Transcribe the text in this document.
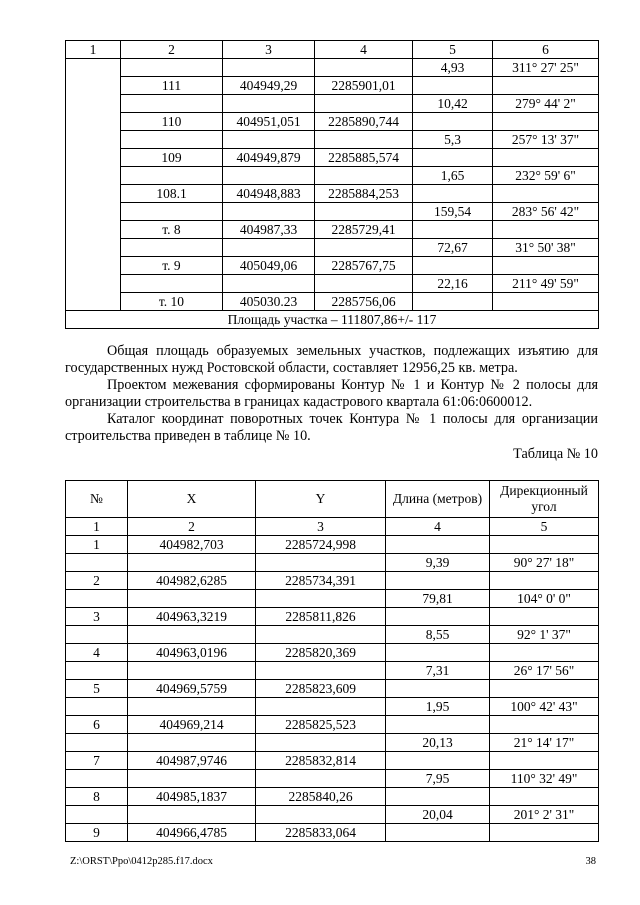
1	2	3	4	5	6
				4,93	311° 27' 25"
	111	404949,29	2285901,01		
				10,42	279° 44' 2"
	110	404951,051	2285890,744		
				5,3	257° 13' 37"
	109	404949,879	2285885,574		
				1,65	232° 59' 6"
	108.1	404948,883	2285884,253		
				159,54	283° 56' 42"
	т. 8	404987,33	2285729,41		
				72,67	31° 50' 38"
	т. 9	405049,06	2285767,75		
				22,16	211° 49' 59"
	т. 10	405030.23	2285756,06		
Площадь участка – 111807,86+/- 117					

Общая площадь образуемых земельных участков, подлежащих изъятию для государственных нужд Ростовской области, составляет 12956,25 кв. метра.

Проектом межевания сформированы Контур № 1 и Контур № 2 полосы для организации строительства в границах кадастрового квартала 61:06:0600012.

Каталог координат поворотных точек Контура № 1 полосы для организации строительства приведен в таблице № 10.

Таблица № 10
№	X	Y	Длина (метров)	Дирекционный угол
1	2	3	4	5
1	404982,703	2285724,998		
			9,39	90° 27' 18"
2	404982,6285	2285734,391		
			79,81	104° 0' 0"
3	404963,3219	2285811,826		
			8,55	92° 1' 37"
4	404963,0196	2285820,369		
			7,31	26° 17' 56"
5	404969,5759	2285823,609		
			1,95	100° 42' 43"
6	404969,214	2285825,523		
			20,13	21° 14' 17"
7	404987,9746	2285832,814		
			7,95	110° 32' 49"
8	404985,1837	2285840,26		
			20,04	201° 2' 31"
9	404966,4785	2285833,064		
Z:\ORST\Ppo\0412p285.f17.docx	38
